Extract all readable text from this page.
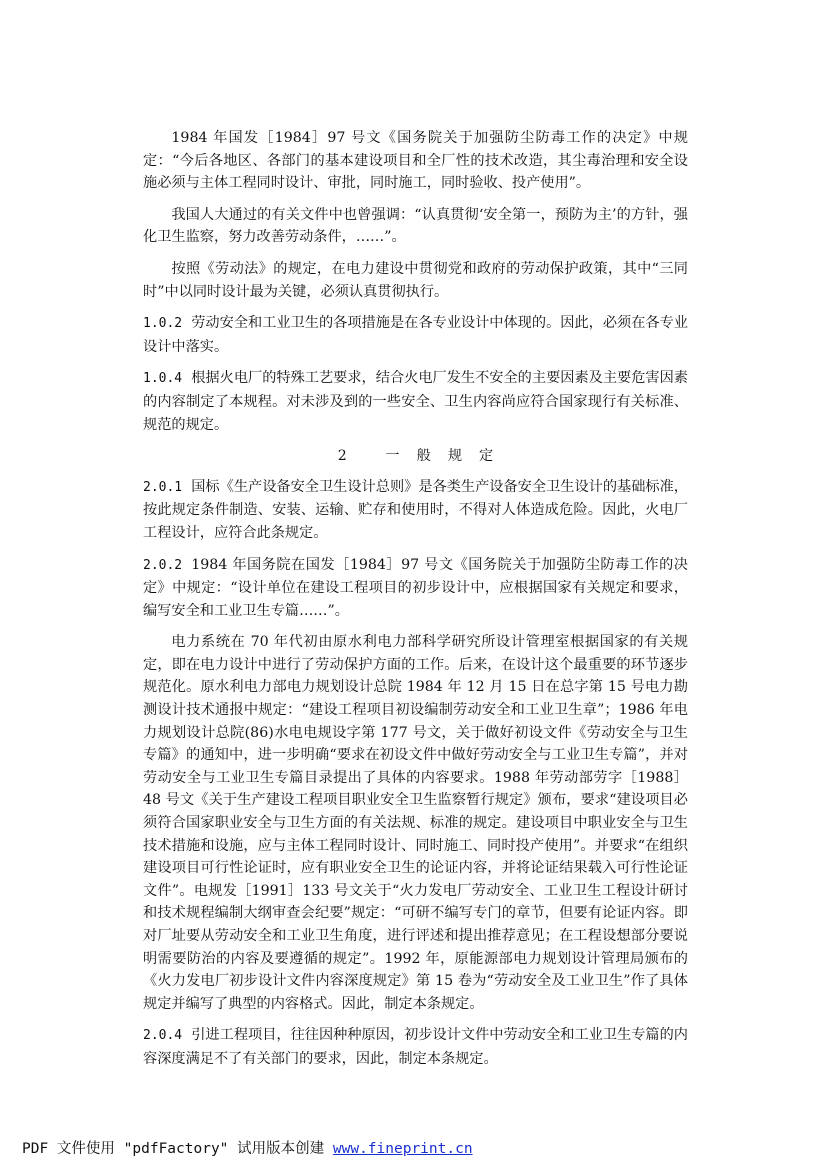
1984 年国发［1984］97 号文《国务院关于加强防尘防毒工作的决定》中规定：“今后各地区、各部门的基本建设项目和全厂性的技术改造，其尘毒治理和安全设施必须与主体工程同时设计、审批，同时施工，同时验收、投产使用”。

我国人大通过的有关文件中也曾强调：“认真贯彻‘安全第一，预防为主’的方针，强化卫生监察，努力改善劳动条件，……”。

按照《劳动法》的规定，在电力建设中贯彻党和政府的劳动保护政策，其中“三同时”中以同时设计最为关键，必须认真贯彻执行。

1.0.2 劳动安全和工业卫生的各项措施是在各专业设计中体现的。因此，必须在各专业设计中落实。

1.0.4 根据火电厂的特殊工艺要求，结合火电厂发生不安全的主要因素及主要危害因素的内容制定了本规程。对未涉及到的一些安全、卫生内容尚应符合国家现行有关标准、规范的规定。

2 一般规定

2.0.1 国标《生产设备安全卫生设计总则》是各类生产设备安全卫生设计的基础标准，按此规定条件制造、安装、运输、贮存和使用时，不得对人体造成危险。因此，火电厂工程设计，应符合此条规定。

2.0.2 1984 年国务院在国发［1984］97 号文《国务院关于加强防尘防毒工作的决定》中规定：“设计单位在建设工程项目的初步设计中，应根据国家有关规定和要求，编写安全和工业卫生专篇……”。

电力系统在 70 年代初由原水利电力部科学研究所设计管理室根据国家的有关规定，即在电力设计中进行了劳动保护方面的工作。后来，在设计这个最重要的环节逐步规范化。原水利电力部电力规划设计总院 1984 年 12 月 15 日在总字第 15 号电力勘测设计技术通报中规定：“建设工程项目初设编制劳动安全和工业卫生章”；1986 年电力规划设计总院(86)水电电规设字第 177 号文，关于做好初设文件《劳动安全与卫生专篇》的通知中，进一步明确“要求在初设文件中做好劳动安全与工业卫生专篇”，并对劳动安全与工业卫生专篇目录提出了具体的内容要求。1988 年劳动部劳字［1988］48 号文《关于生产建设工程项目职业安全卫生监察暂行规定》颁布，要求“建设项目必须符合国家职业安全与卫生方面的有关法规、标准的规定。建设项目中职业安全与卫生技术措施和设施，应与主体工程同时设计、同时施工、同时投产使用”。并要求“在组织建设项目可行性论证时，应有职业安全卫生的论证内容，并将论证结果载入可行性论证文件”。电规发［1991］133 号文关于“火力发电厂劳动安全、工业卫生工程设计研讨和技术规程编制大纲审查会纪要”规定：“可研不编写专门的章节，但要有论证内容。即对厂址要从劳动安全和工业卫生角度，进行评述和提出推荐意见；在工程设想部分要说明需要防治的内容及要遵循的规定”。1992 年，原能源部电力规划设计管理局颁布的《火力发电厂初步设计文件内容深度规定》第 15 卷为“劳动安全及工业卫生”作了具体规定并编写了典型的内容格式。因此，制定本条规定。

2.0.4 引进工程项目，往往因种种原因，初步设计文件中劳动安全和工业卫生专篇的内容深度满足不了有关部门的要求，因此，制定本条规定。

PDF 文件使用 "pdfFactory" 试用版本创建 www.fineprint.cn
